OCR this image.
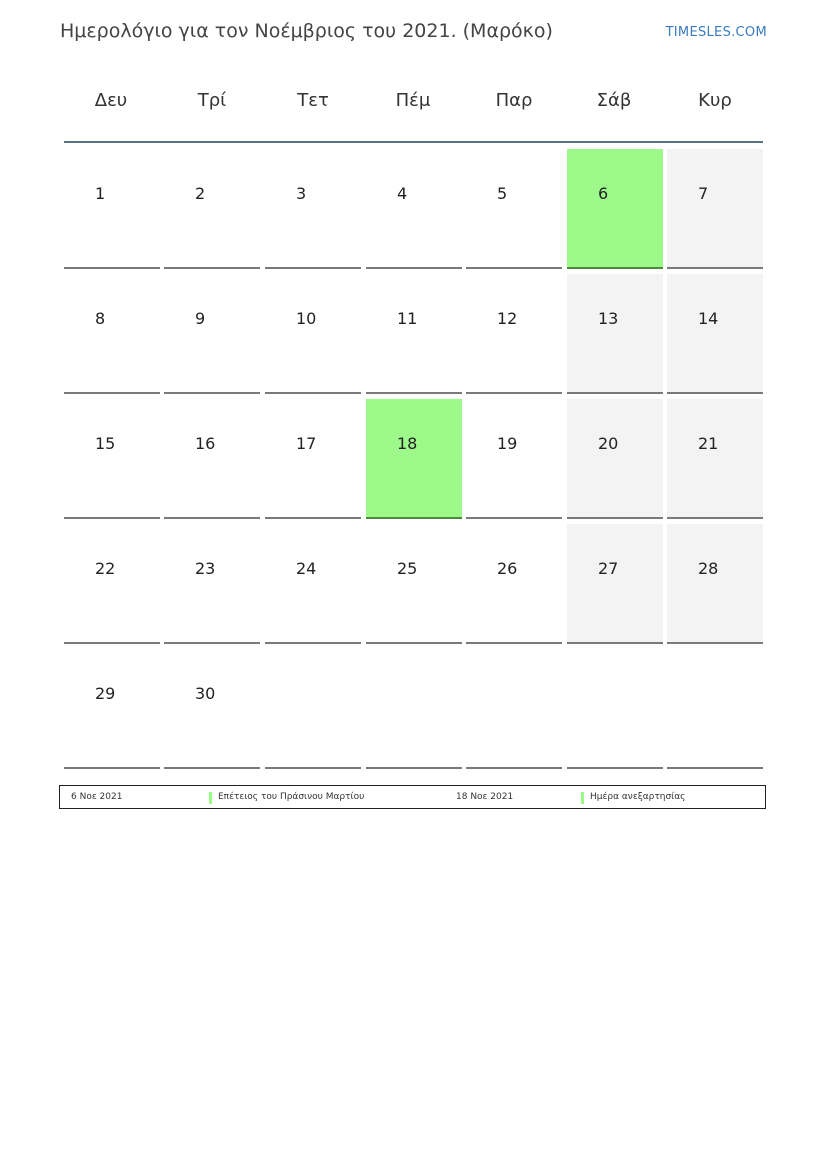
Ημερολόγιο για τον Νοέμβριος του 2021. (Μαρόκο)	TIMESLES.COM
Δευ	Τρί	Τετ	Πέμ	Παρ	Σάβ	Κυρ
1	2	3	4	5	6	7
8	9	10	11	12	13	14
15	16	17	18	19	20	21
22	23	24	25	26	27	28
29	30
6 Νοε 2021	Επέτειος του Πράσινου Μαρτίου	18 Νοε 2021	Ημέρα ανεξαρτησίας
